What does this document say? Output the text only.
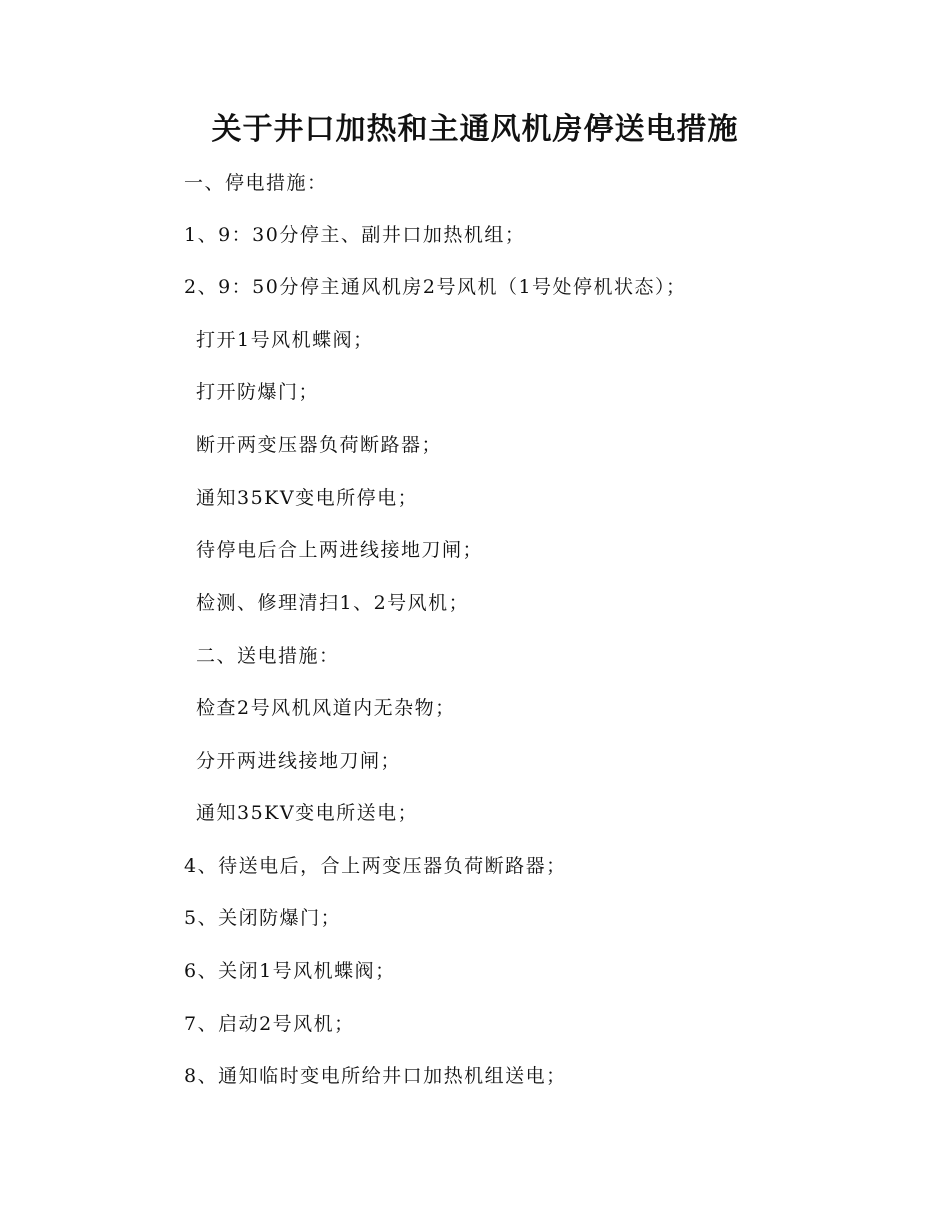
关于井口加热和主通风机房停送电措施
一、停电措施：
1、9：30分停主、副井口加热机组；
2、9：50分停主通风机房2号风机（1号处停机状态）；
打开1号风机蝶阀；
打开防爆门；
断开两变压器负荷断路器；
通知35KV变电所停电；
待停电后合上两进线接地刀闸；
检测、修理清扫1、2号风机；
二、送电措施：
检查2号风机风道内无杂物；
分开两进线接地刀闸；
通知35KV变电所送电；
4、待送电后，合上两变压器负荷断路器；
5、关闭防爆门；
6、关闭1号风机蝶阀；
7、启动2号风机；
8、通知临时变电所给井口加热机组送电；
